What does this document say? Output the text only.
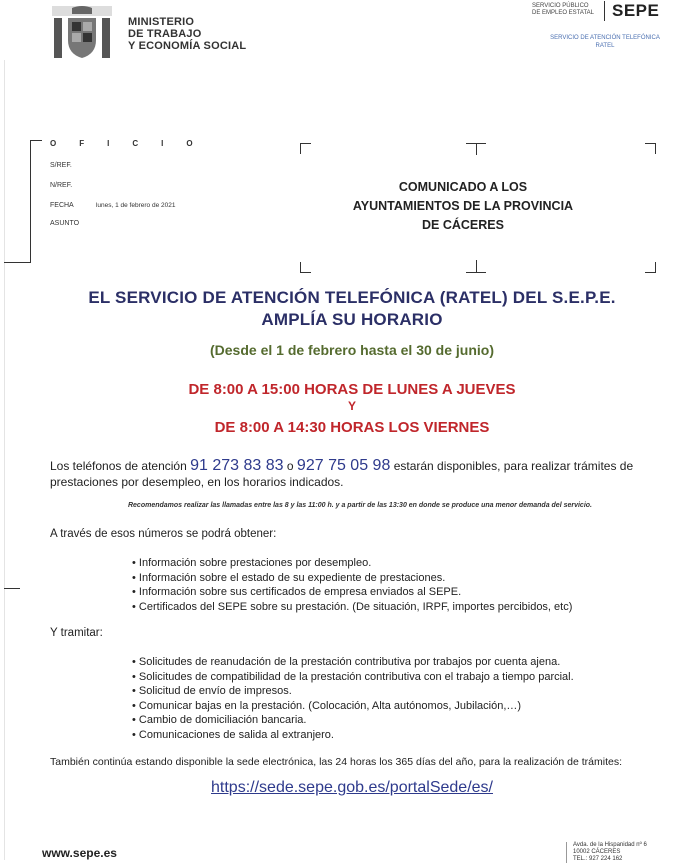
MINISTERIO
DE TRABAJO
Y ECONOMÍA SOCIAL
SERVICIO PÚBLICO
DE EMPLEO ESTATAL SEPE
SERVICIO DE ATENCIÓN TELEFÓNICA
RATEL
OFICIO
S/REF.
N/REF.
FECHA	lunes, 1 de febrero de 2021
ASUNTO
COMUNICADO A LOS
AYUNTAMIENTOS DE LA PROVINCIA
DE CÁCERES
EL SERVICIO DE ATENCIÓN TELEFÓNICA (RATEL) DEL S.E.P.E.
AMPLÍA SU HORARIO
(Desde el 1 de febrero hasta el 30 de junio)
DE 8:00 A 15:00 HORAS DE LUNES A JUEVES
Y
DE 8:00 A 14:30 HORAS LOS VIERNES
Los teléfonos de atención 91 273 83 83 o 927 75 05 98 estarán disponibles, para realizar trámites de prestaciones por desempleo, en los horarios indicados.
Recomendamos realizar las llamadas entre las 8 y las 11:00 h. y a partir de las 13:30 en donde se produce una menor demanda del servicio.
A través de esos números se podrá obtener:
• Información sobre prestaciones por desempleo.
• Información sobre el estado de su expediente de prestaciones.
• Información sobre sus certificados de empresa enviados al SEPE.
• Certificados del SEPE sobre su prestación. (De situación, IRPF, importes percibidos, etc)
Y tramitar:
• Solicitudes de reanudación de la prestación contributiva por trabajos por cuenta ajena.
• Solicitudes de compatibilidad de la prestación contributiva con el trabajo a tiempo parcial.
• Solicitud de envío de impresos.
• Comunicar bajas en la prestación. (Colocación, Alta autónomos, Jubilación,…)
• Cambio de domiciliación bancaria.
• Comunicaciones de salida al extranjero.
También continúa estando disponible la sede electrónica, las 24 horas los 365 días del año, para la realización de trámites:
https://sede.sepe.gob.es/portalSede/es/
www.sepe.es
Avda. de la Hispanidad nº 6
10002 CÁCERES
TEL.: 927 224 162
